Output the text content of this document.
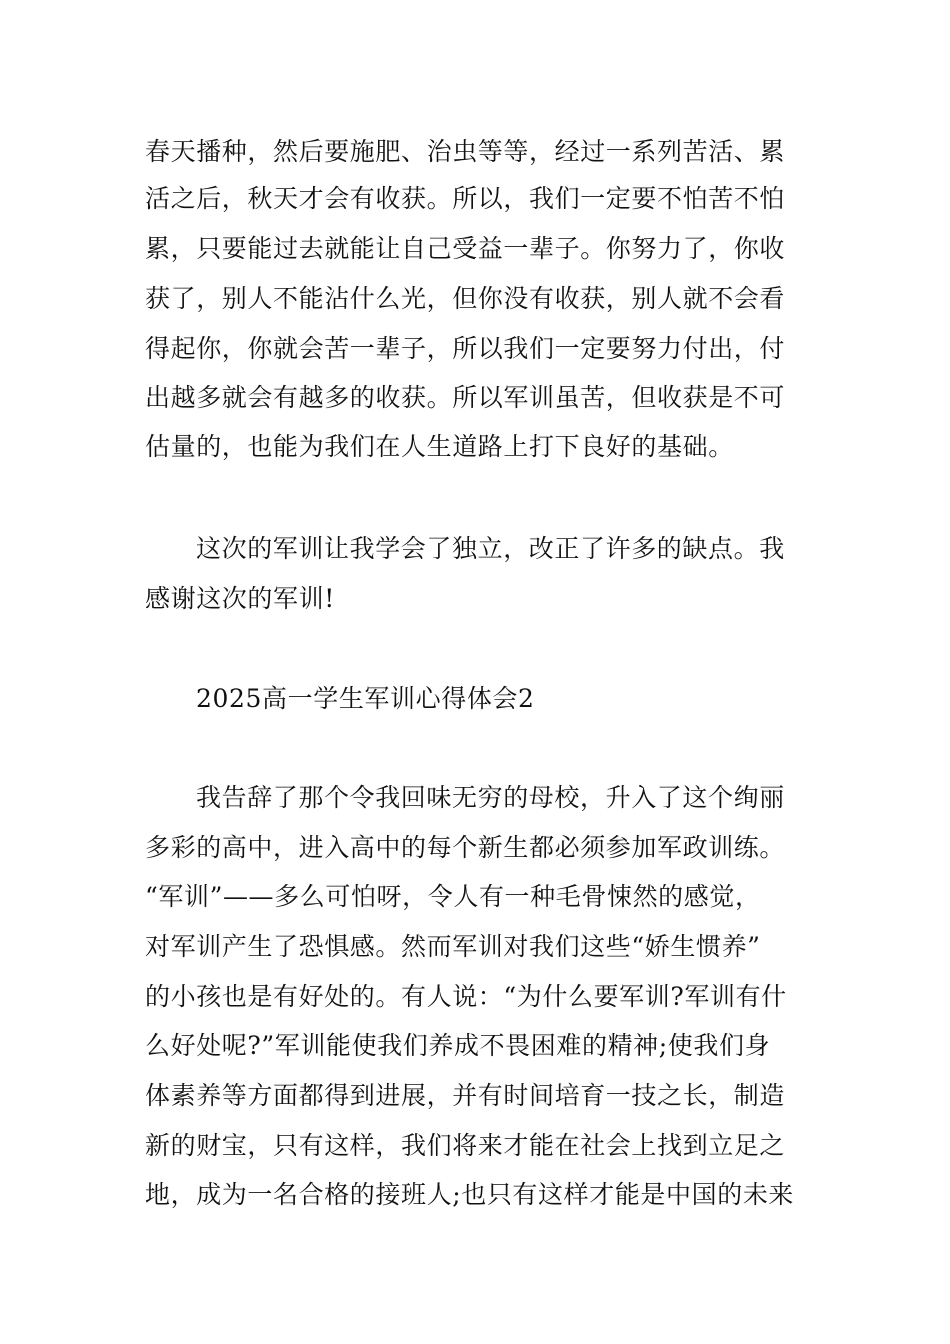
春天播种，然后要施肥、治虫等等，经过一系列苦活、累
活之后，秋天才会有收获。所以，我们一定要不怕苦不怕
累，只要能过去就能让自己受益一辈子。你努力了，你收
获了，别人不能沾什么光，但你没有收获，别人就不会看
得起你，你就会苦一辈子，所以我们一定要努力付出，付
出越多就会有越多的收获。所以军训虽苦，但收获是不可
估量的，也能为我们在人生道路上打下良好的基础。
这次的军训让我学会了独立，改正了许多的缺点。我
感谢这次的军训!
2025高一学生军训心得体会2
我告辞了那个令我回味无穷的母校，升入了这个绚丽
多彩的高中，进入高中的每个新生都必须参加军政训练。
“军训”——多么可怕呀，令人有一种毛骨悚然的感觉，
对军训产生了恐惧感。然而军训对我们这些“娇生惯养”
的小孩也是有好处的。有人说：“为什么要军训?军训有什
么好处呢?”军训能使我们养成不畏困难的精神;使我们身
体素养等方面都得到进展，并有时间培育一技之长，制造
新的财宝，只有这样，我们将来才能在社会上找到立足之
地，成为一名合格的接班人;也只有这样才能是中国的未来
